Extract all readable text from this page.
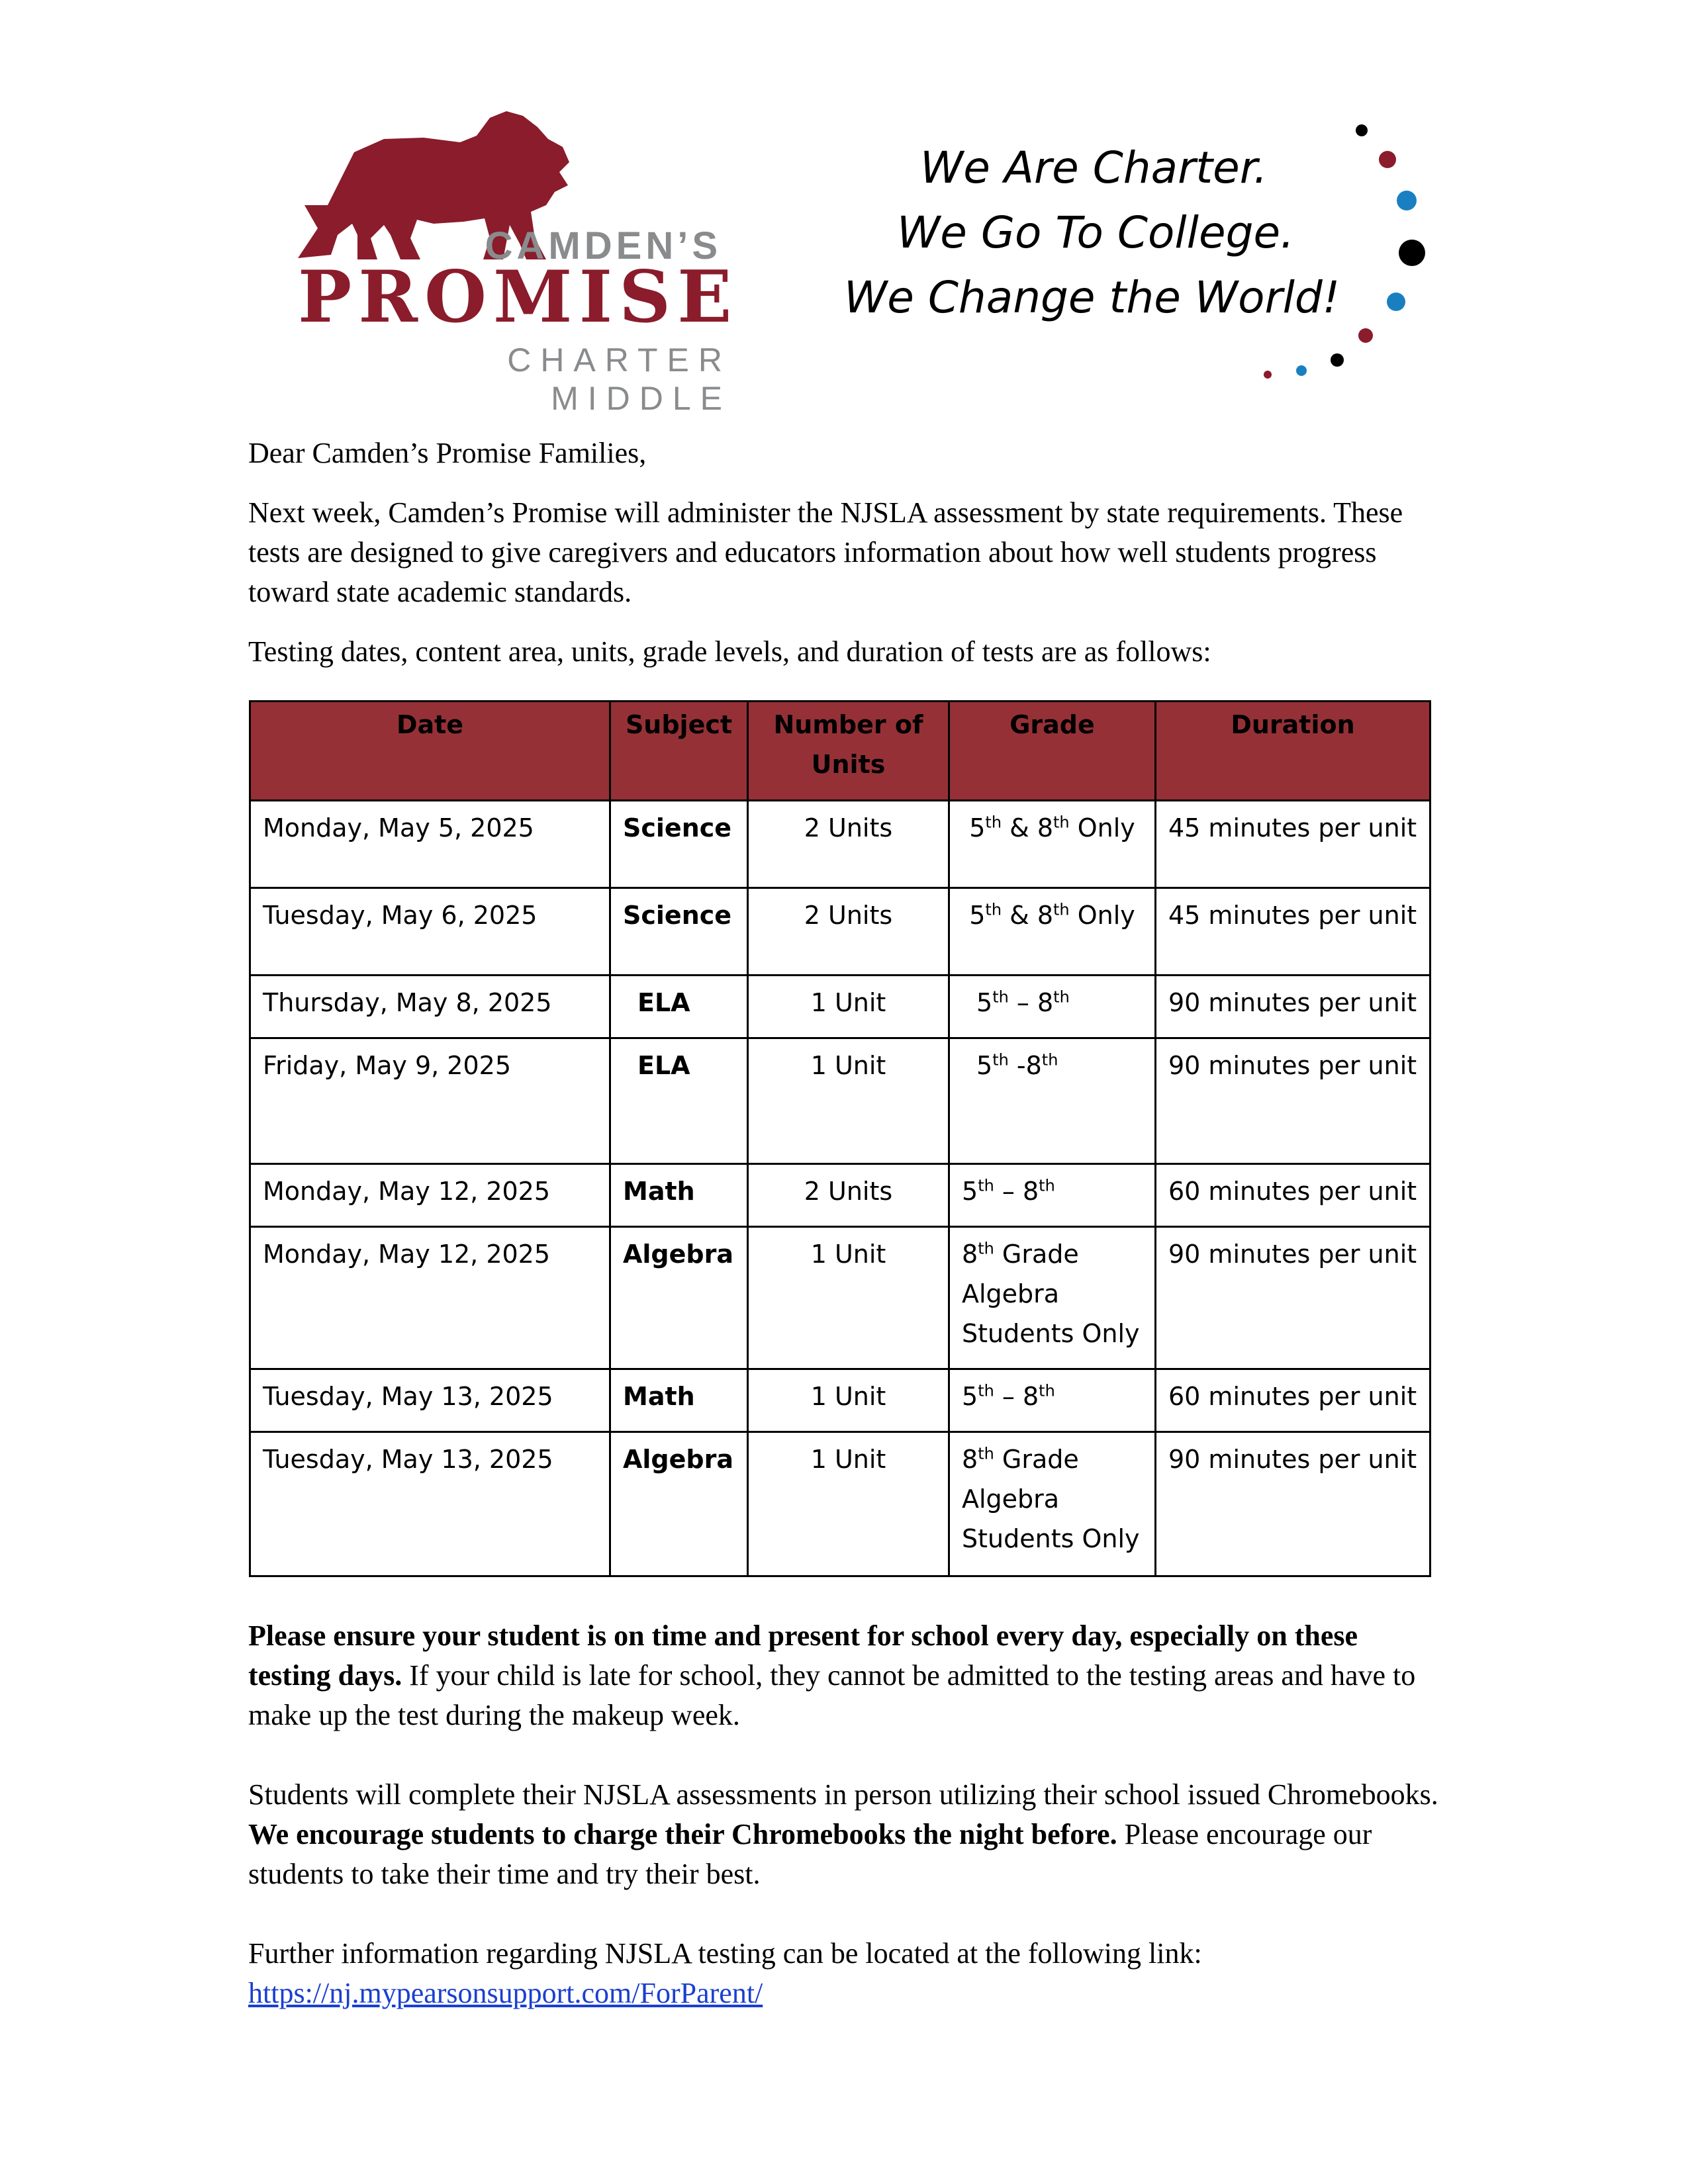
CAMDEN’S
PROMISE
CHARTER MIDDLE
We Are Charter.
We Go To College.
We Change the World!

Dear Camden’s Promise Families,

Next week, Camden’s Promise will administer the NJSLA assessment by state requirements. These tests are designed to give caregivers and educators information about how well students progress toward state academic standards.

Testing dates, content area, units, grade levels, and duration of tests are as follows:

Date	Subject	Number of Units	Grade	Duration
Monday, May 5, 2025	Science	2 Units	5th & 8th Only	45 minutes per unit
Tuesday, May 6, 2025	Science	2 Units	5th & 8th Only	45 minutes per unit
Thursday, May 8, 2025	ELA	1 Unit	5th – 8th	90 minutes per unit
Friday, May 9, 2025	ELA	1 Unit	5th -8th	90 minutes per unit
Monday, May 12, 2025	Math	2 Units	5th – 8th	60 minutes per unit
Monday, May 12, 2025	Algebra	1 Unit	8th Grade Algebra Students Only	90 minutes per unit
Tuesday, May 13, 2025	Math	1 Unit	5th – 8th	60 minutes per unit
Tuesday, May 13, 2025	Algebra	1 Unit	8th Grade Algebra Students Only	90 minutes per unit

Please ensure your student is on time and present for school every day, especially on these testing days. If your child is late for school, they cannot be admitted to the testing areas and have to make up the test during the makeup week.

Students will complete their NJSLA assessments in person utilizing their school issued Chromebooks. We encourage students to charge their Chromebooks the night before. Please encourage our students to take their time and try their best.

Further information regarding NJSLA testing can be located at the following link:

https://nj.mypearsonsupport.com/ForParent/
